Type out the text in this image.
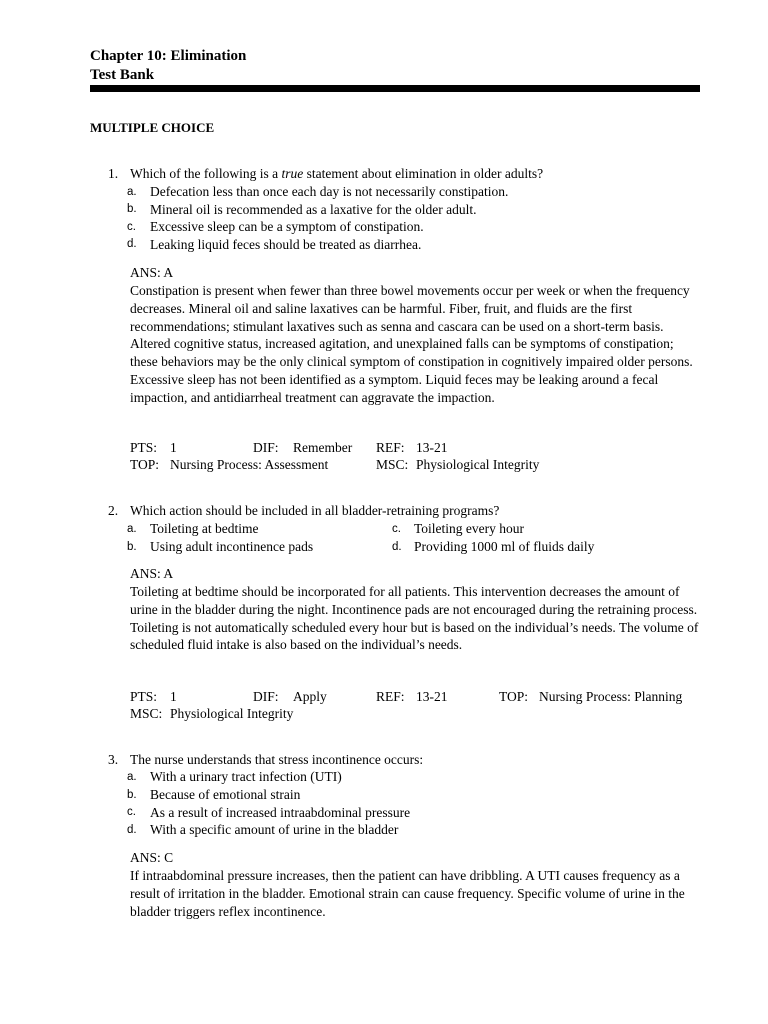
Chapter 10: Elimination
Test Bank
MULTIPLE CHOICE
1. Which of the following is a true statement about elimination in older adults?
a. Defecation less than once each day is not necessarily constipation.
b. Mineral oil is recommended as a laxative for the older adult.
c. Excessive sleep can be a symptom of constipation.
d. Leaking liquid feces should be treated as diarrhea.
ANS: A
Constipation is present when fewer than three bowel movements occur per week or when the frequency decreases. Mineral oil and saline laxatives can be harmful. Fiber, fruit, and fluids are the first recommendations; stimulant laxatives such as senna and cascara can be used on a short-term basis. Altered cognitive status, increased agitation, and unexplained falls can be symptoms of constipation; these behaviors may be the only clinical symptom of constipation in cognitively impaired older persons. Excessive sleep has not been identified as a symptom. Liquid feces may be leaking around a fecal impaction, and antidiarrheal treatment can aggravate the impaction.
PTS: 1	DIF: Remember REF: 13-21
TOP: Nursing Process: Assessment	MSC: Physiological Integrity
2. Which action should be included in all bladder-retraining programs?
a. Toileting at bedtime
b. Using adult incontinence pads
c. Toileting every hour
d. Providing 1000 ml of fluids daily
ANS: A
Toileting at bedtime should be incorporated for all patients. This intervention decreases the amount of urine in the bladder during the night. Incontinence pads are not encouraged during the retraining process. Toileting is not automatically scheduled every hour but is based on the individual’s needs. The volume of scheduled fluid intake is also based on the individual’s needs.
PTS: 1	DIF: Apply	REF: 13-21	TOP: Nursing Process: Planning
MSC: Physiological Integrity
3. The nurse understands that stress incontinence occurs:
a. With a urinary tract infection (UTI)
b. Because of emotional strain
c. As a result of increased intraabdominal pressure
d. With a specific amount of urine in the bladder
ANS: C
If intraabdominal pressure increases, then the patient can have dribbling. A UTI causes frequency as a result of irritation in the bladder. Emotional strain can cause frequency. Specific volume of urine in the bladder triggers reflex incontinence.
